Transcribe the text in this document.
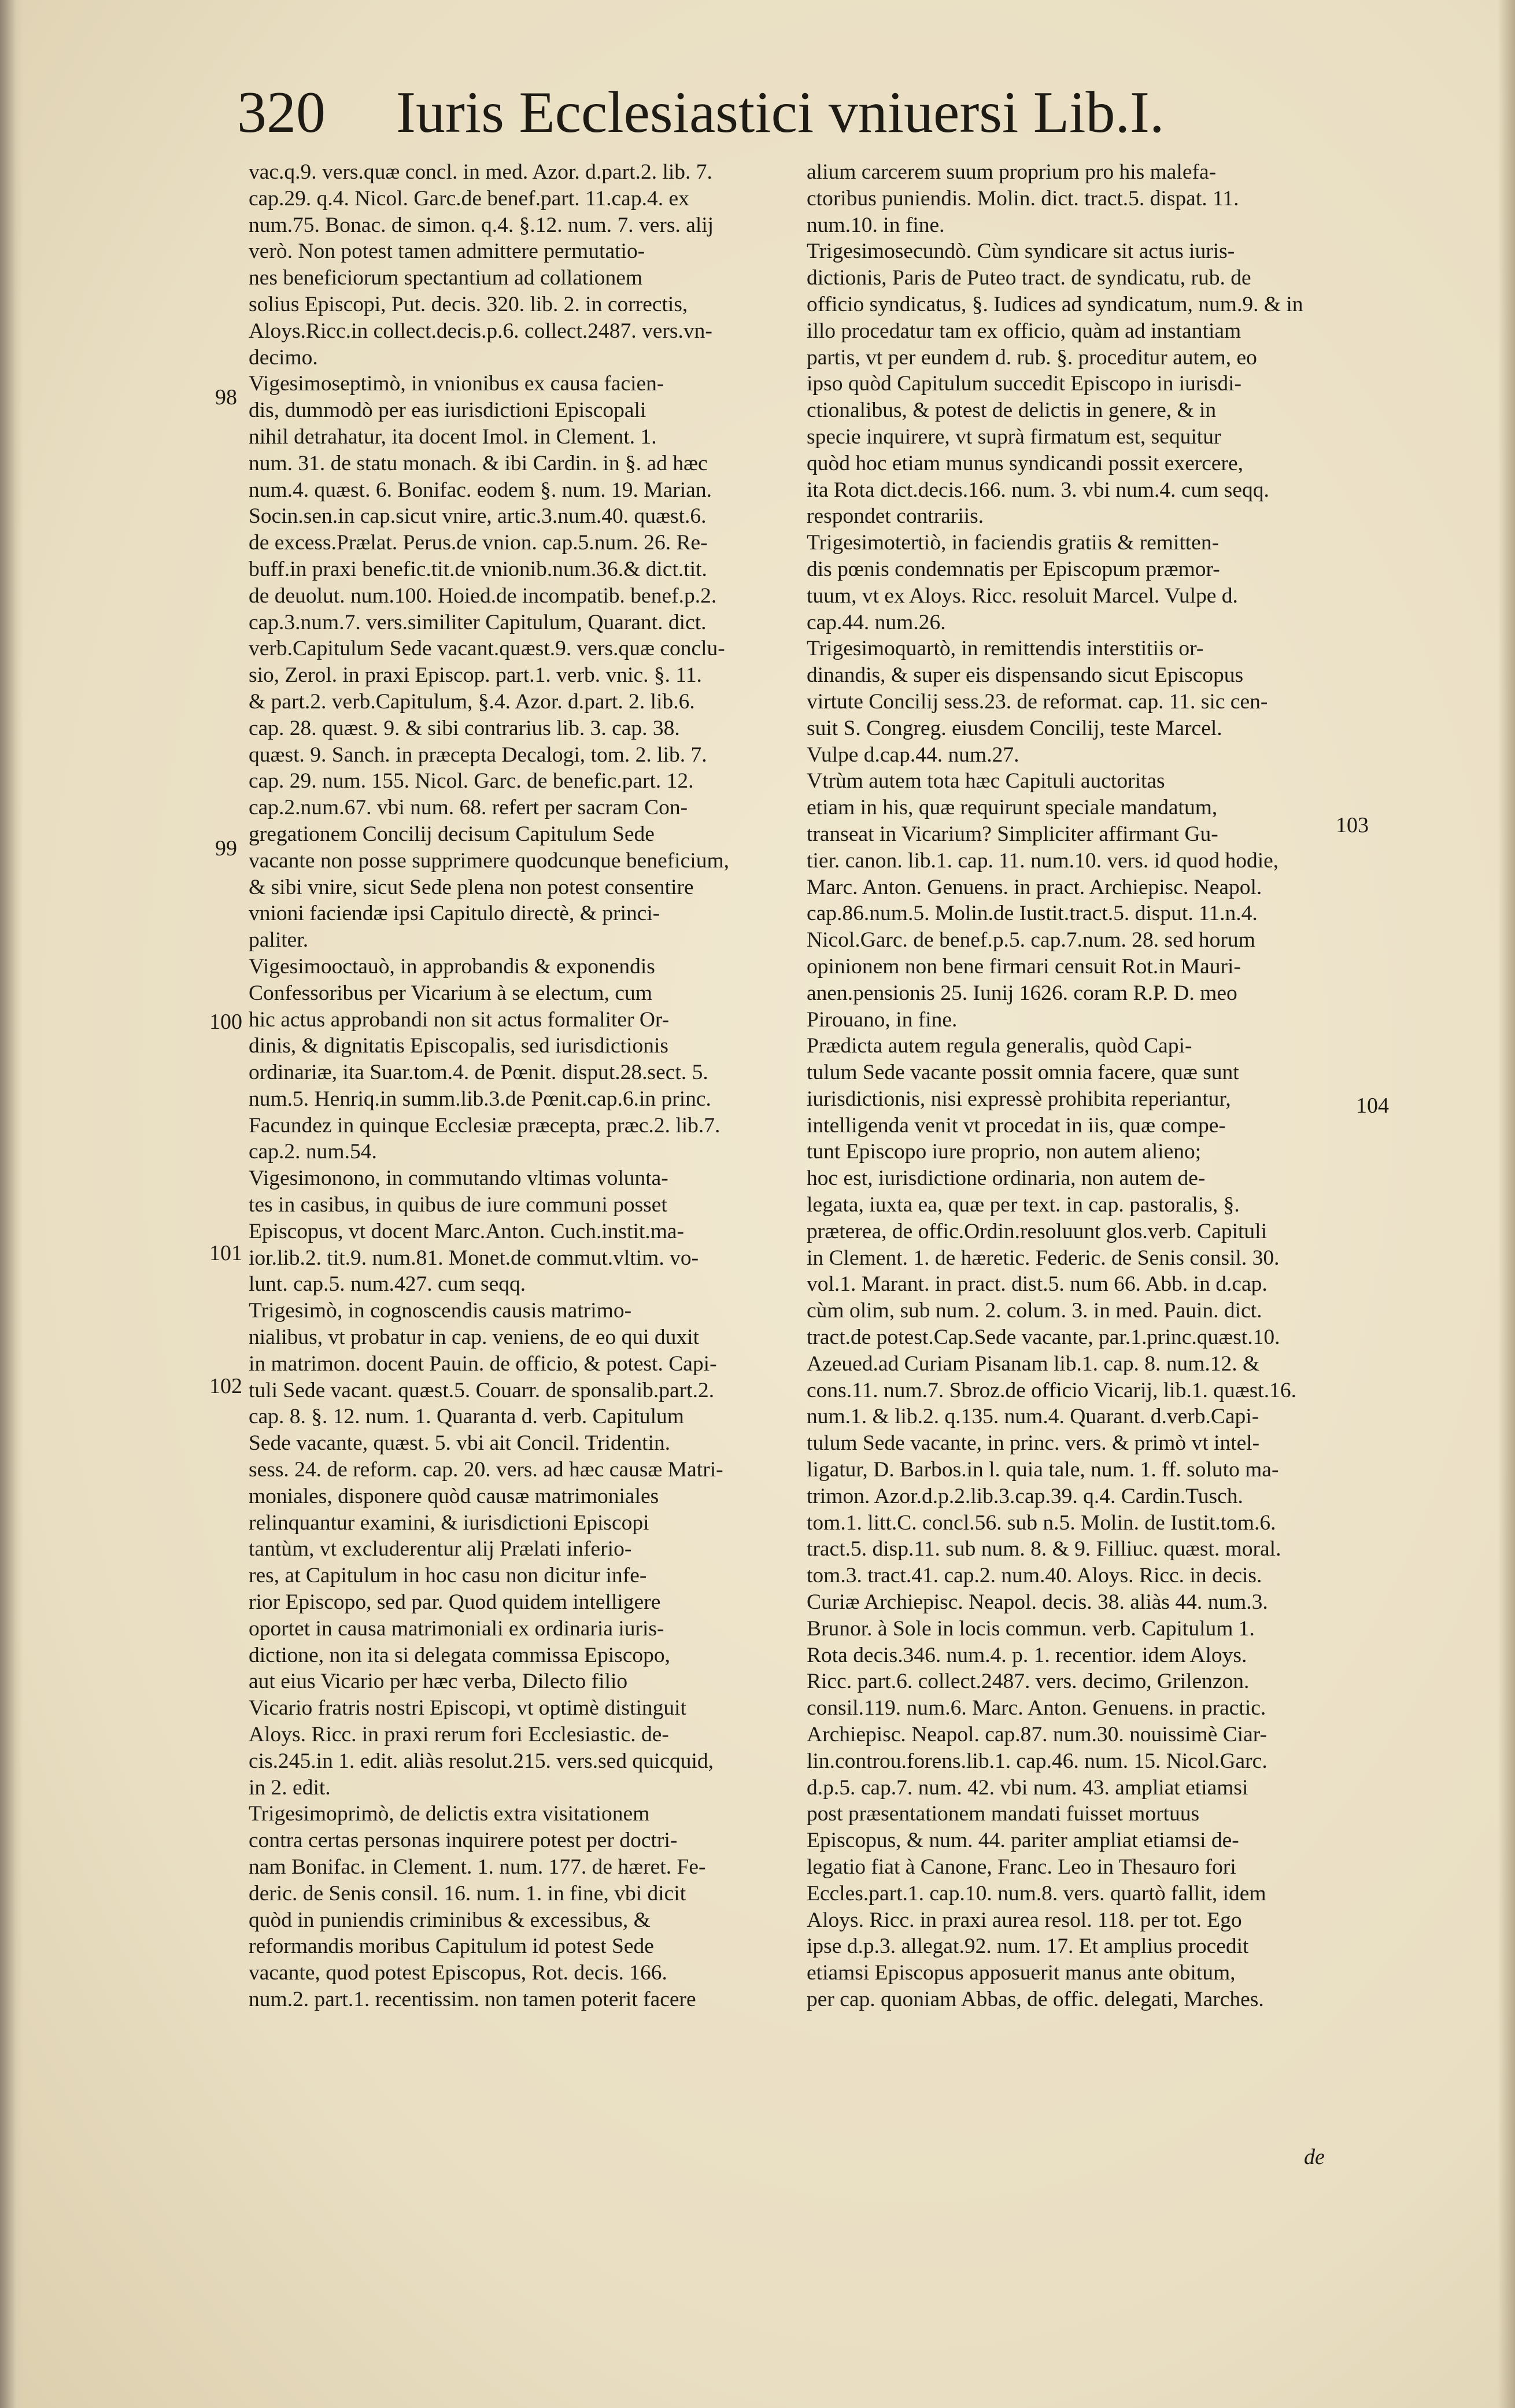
320 Iuris Ecclesiastici vniuersi Lib.I.
vac.q.9. vers.quæ concl. in med. Azor. d.part.2. lib. 7.
cap.29. q.4. Nicol. Garc.de benef.part. 11.cap.4. ex
num.75. Bonac. de simon. q.4. §.12. num. 7. vers. alij
verò. Non potest tamen admittere permutatio-
nes beneficiorum spectantium ad collationem
solius Episcopi, Put. decis. 320. lib. 2. in correctis,
Aloys.Ricc.in collect.decis.p.6. collect.2487. vers.vn-
decimo.
Vigesimoseptimò, in vnionibus ex causa facien-
dis, dummodò per eas iurisdictioni Episcopali
nihil detrahatur, ita docent Imol. in Clement. 1.
num. 31. de statu monach. & ibi Cardin. in §. ad hæc
num.4. quæst. 6. Bonifac. eodem §. num. 19. Marian.
Socin.sen.in cap.sicut vnire, artic.3.num.40. quæst.6.
de excess.Prælat. Perus.de vnion. cap.5.num. 26. Re-
buff.in praxi benefic.tit.de vnionib.num.36.& dict.tit.
de deuolut. num.100. Hoied.de incompatib. benef.p.2.
cap.3.num.7. vers.similiter Capitulum, Quarant. dict.
verb.Capitulum Sede vacant.quæst.9. vers.quæ conclu-
sio, Zerol. in praxi Episcop. part.1. verb. vnic. §. 11.
& part.2. verb.Capitulum, §.4. Azor. d.part. 2. lib.6.
cap. 28. quæst. 9. & sibi contrarius lib. 3. cap. 38.
quæst. 9. Sanch. in præcepta Decalogi, tom. 2. lib. 7.
cap. 29. num. 155. Nicol. Garc. de benefic.part. 12.
cap.2.num.67. vbi num. 68. refert per sacram Con-
gregationem Concilij decisum Capitulum Sede
vacante non posse supprimere quodcunque beneficium,
& sibi vnire, sicut Sede plena non potest consentire
vnioni faciendæ ipsi Capitulo directè, & princi-
paliter.
Vigesimooctauò, in approbandis & exponendis
Confessoribus per Vicarium à se electum, cum
hic actus approbandi non sit actus formaliter Or-
dinis, & dignitatis Episcopalis, sed iurisdictionis
ordinariæ, ita Suar.tom.4. de Pœnit. disput.28.sect. 5.
num.5. Henriq.in summ.lib.3.de Pœnit.cap.6.in princ.
Facundez in quinque Ecclesiæ præcepta, præc.2. lib.7.
cap.2. num.54.
Vigesimonono, in commutando vltimas volunta-
tes in casibus, in quibus de iure communi posset
Episcopus, vt docent Marc.Anton. Cuch.instit.ma-
ior.lib.2. tit.9. num.81. Monet.de commut.vltim. vo-
lunt. cap.5. num.427. cum seqq.
Trigesimò, in cognoscendis causis matrimo-
nialibus, vt probatur in cap. veniens, de eo qui duxit
in matrimon. docent Pauin. de officio, & potest. Capi-
tuli Sede vacant. quæst.5. Couarr. de sponsalib.part.2.
cap. 8. §. 12. num. 1. Quaranta d. verb. Capitulum
Sede vacante, quæst. 5. vbi ait Concil. Tridentin.
sess. 24. de reform. cap. 20. vers. ad hæc causæ Matri-
moniales, disponere quòd causæ matrimoniales
relinquantur examini, & iurisdictioni Episcopi
tantùm, vt excluderentur alij Prælati inferio-
res, at Capitulum in hoc casu non dicitur infe-
rior Episcopo, sed par. Quod quidem intelligere
oportet in causa matrimoniali ex ordinaria iuris-
dictione, non ita si delegata commissa Episcopo,
aut eius Vicario per hæc verba, Dilecto filio
Vicario fratris nostri Episcopi, vt optimè distinguit
Aloys. Ricc. in praxi rerum fori Ecclesiastic. de-
cis.245.in 1. edit. aliàs resolut.215. vers.sed quicquid,
in 2. edit.
Trigesimoprimò, de delictis extra visitationem
contra certas personas inquirere potest per doctri-
nam Bonifac. in Clement. 1. num. 177. de hæret. Fe-
deric. de Senis consil. 16. num. 1. in fine, vbi dicit
quòd in puniendis criminibus & excessibus, &
reformandis moribus Capitulum id potest Sede
vacante, quod potest Episcopus, Rot. decis. 166.
num.2. part.1. recentissim. non tamen poterit facere
alium carcerem suum proprium pro his malefa-
ctoribus puniendis. Molin. dict. tract.5. dispat. 11.
num.10. in fine.
Trigesimosecundò. Cùm syndicare sit actus iuris-
dictionis, Paris de Puteo tract. de syndicatu, rub. de
officio syndicatus, §. Iudices ad syndicatum, num.9. & in
illo procedatur tam ex officio, quàm ad instantiam
partis, vt per eundem d. rub. §. proceditur autem, eo
ipso quòd Capitulum succedit Episcopo in iurisdi-
ctionalibus, & potest de delictis in genere, & in
specie inquirere, vt suprà firmatum est, sequitur
quòd hoc etiam munus syndicandi possit exercere,
ita Rota dict.decis.166. num. 3. vbi num.4. cum seqq.
respondet contrariis.
Trigesimotertiò, in faciendis gratiis & remitten-
dis pœnis condemnatis per Episcopum præmor-
tuum, vt ex Aloys. Ricc. resoluit Marcel. Vulpe d.
cap.44. num.26.
Trigesimoquartò, in remittendis interstitiis or-
dinandis, & super eis dispensando sicut Episcopus
virtute Concilij sess.23. de reformat. cap. 11. sic cen-
suit S. Congreg. eiusdem Concilij, teste Marcel.
Vulpe d.cap.44. num.27.
Vtrùm autem tota hæc Capituli auctoritas
etiam in his, quæ requirunt speciale mandatum,
transeat in Vicarium? Simpliciter affirmant Gu-
tier. canon. lib.1. cap. 11. num.10. vers. id quod hodie,
Marc. Anton. Genuens. in pract. Archiepisc. Neapol.
cap.86.num.5. Molin.de Iustit.tract.5. disput. 11.n.4.
Nicol.Garc. de benef.p.5. cap.7.num. 28. sed horum
opinionem non bene firmari censuit Rot.in Mauri-
anen.pensionis 25. Iunij 1626. coram R.P. D. meo
Pirouano, in fine.
Prædicta autem regula generalis, quòd Capi-
tulum Sede vacante possit omnia facere, quæ sunt
iurisdictionis, nisi expressè prohibita reperiantur,
intelligenda venit vt procedat in iis, quæ compe-
tunt Episcopo iure proprio, non autem alieno;
hoc est, iurisdictione ordinaria, non autem de-
legata, iuxta ea, quæ per text. in cap. pastoralis, §.
præterea, de offic.Ordin.resoluunt glos.verb. Capituli
in Clement. 1. de hæretic. Federic. de Senis consil. 30.
vol.1. Marant. in pract. dist.5. num 66. Abb. in d.cap.
cùm olim, sub num. 2. colum. 3. in med. Pauin. dict.
tract.de potest.Cap.Sede vacante, par.1.princ.quæst.10.
Azeued.ad Curiam Pisanam lib.1. cap. 8. num.12. &
cons.11. num.7. Sbroz.de officio Vicarij, lib.1. quæst.16.
num.1. & lib.2. q.135. num.4. Quarant. d.verb.Capi-
tulum Sede vacante, in princ. vers. & primò vt intel-
ligatur, D. Barbos.in l. quia tale, num. 1. ff. soluto ma-
trimon. Azor.d.p.2.lib.3.cap.39. q.4. Cardin.Tusch.
tom.1. litt.C. concl.56. sub n.5. Molin. de Iustit.tom.6.
tract.5. disp.11. sub num. 8. & 9. Filliuc. quæst. moral.
tom.3. tract.41. cap.2. num.40. Aloys. Ricc. in decis.
Curiæ Archiepisc. Neapol. decis. 38. aliàs 44. num.3.
Brunor. à Sole in locis commun. verb. Capitulum 1.
Rota decis.346. num.4. p. 1. recentior. idem Aloys.
Ricc. part.6. collect.2487. vers. decimo, Grilenzon.
consil.119. num.6. Marc. Anton. Genuens. in practic.
Archiepisc. Neapol. cap.87. num.30. nouissimè Ciar-
lin.controu.forens.lib.1. cap.46. num. 15. Nicol.Garc.
d.p.5. cap.7. num. 42. vbi num. 43. ampliat etiamsi
post præsentationem mandati fuisset mortuus
Episcopus, & num. 44. pariter ampliat etiamsi de-
legatio fiat à Canone, Franc. Leo in Thesauro fori
Eccles.part.1. cap.10. num.8. vers. quartò fallit, idem
Aloys. Ricc. in praxi aurea resol. 118. per tot. Ego
ipse d.p.3. allegat.92. num. 17. Et amplius procedit
etiamsi Episcopus apposuerit manus ante obitum,
per cap. quoniam Abbas, de offic. delegati, Marches.
98
99
100
101
102
103
104
de
